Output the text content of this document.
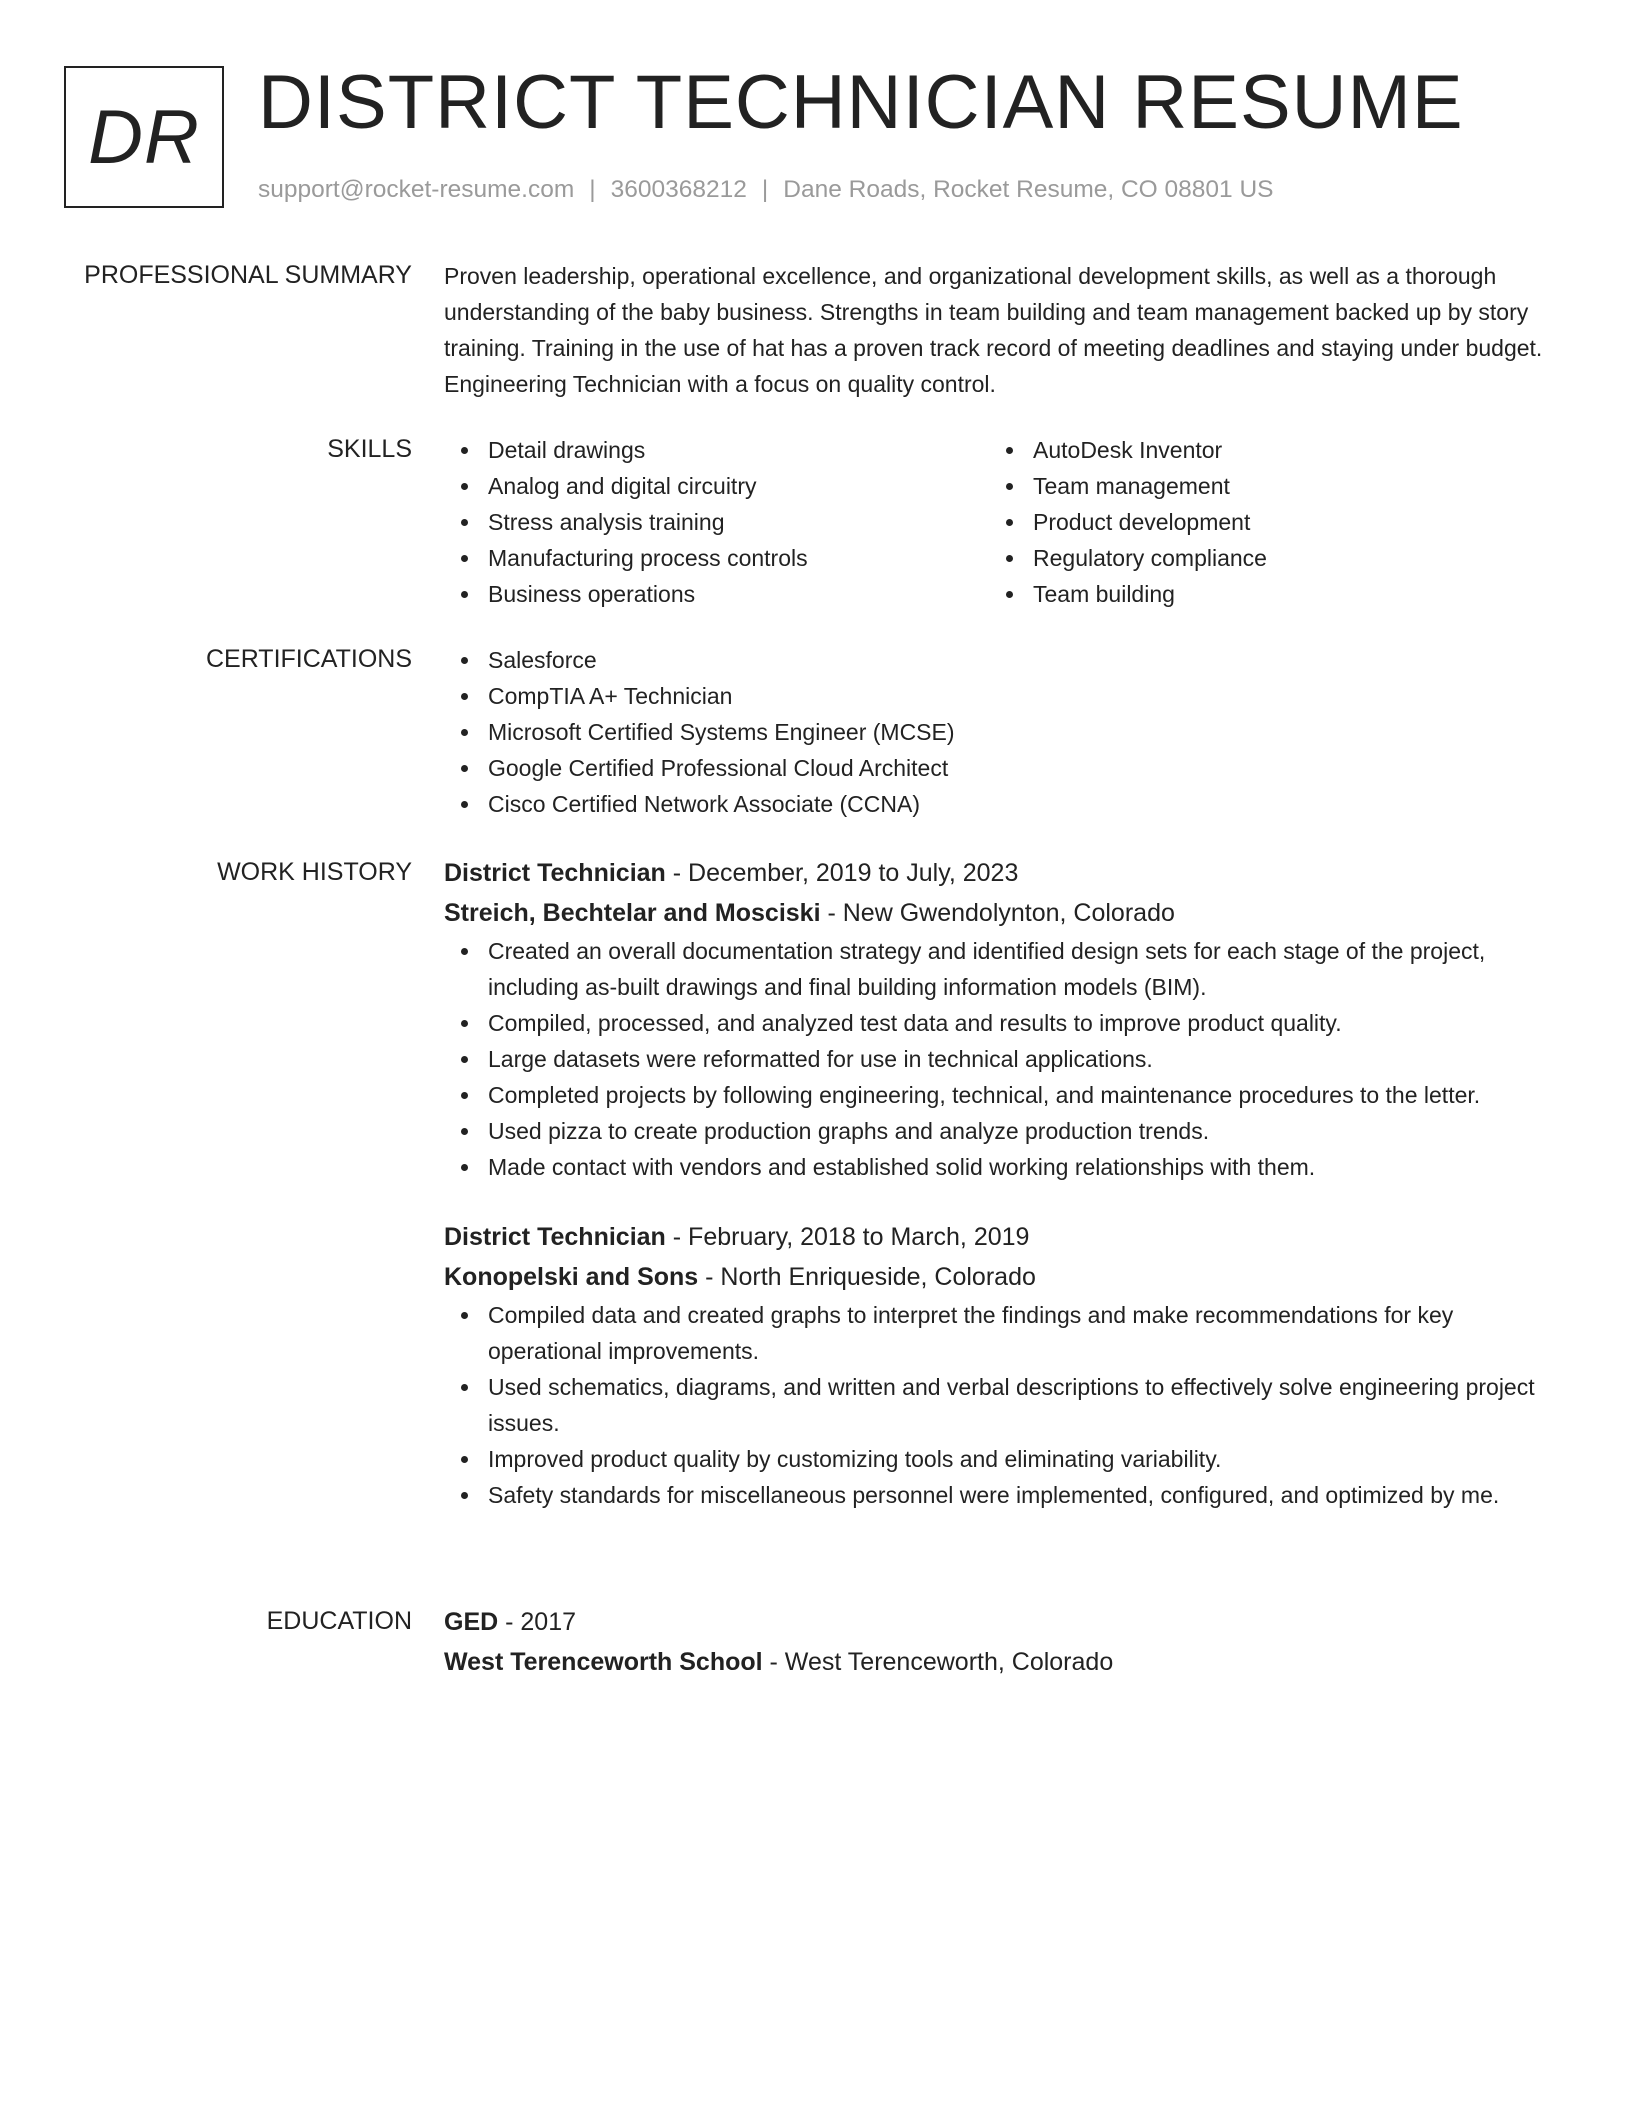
DR DISTRICT TECHNICIAN RESUME
support@rocket-resume.com | 3600368212 | Dane Roads, Rocket Resume, CO 08801 US
PROFESSIONAL SUMMARY Proven leadership, operational excellence, and organizational development skills, as well as a thorough understanding of the baby business. Strengths in team building and team management backed up by story training. Training in the use of hat has a proven track record of meeting deadlines and staying under budget. Engineering Technician with a focus on quality control.

SKILLS	Detail drawings
Analog and digital circuitry
Stress analysis training
Manufacturing process controls
Business operations
AutoDesk Inventor
Team management
Product development
Regulatory compliance
Team building
CERTIFICATIONS	Salesforce
CompTIA A+ Technician
Microsoft Certified Systems Engineer (MCSE)
Google Certified Professional Cloud Architect
Cisco Certified Network Associate (CCNA)
WORK HISTORY District Technician - December, 2019 to July, 2023
Streich, Bechtelar and Mosciski - New Gwendolynton, Colorado
Created an overall documentation strategy and identified design sets for each stage of the project, including as-built drawings and final building information models (BIM).
Compiled, processed, and analyzed test data and results to improve product quality.
Large datasets were reformatted for use in technical applications.
Completed projects by following engineering, technical, and maintenance procedures to the letter.
Used pizza to create production graphs and analyze production trends.
Made contact with vendors and established solid working relationships with them.
District Technician - February, 2018 to March, 2019
Konopelski and Sons - North Enriqueside, Colorado
Compiled data and created graphs to interpret the findings and make recommendations for key operational improvements.
Used schematics, diagrams, and written and verbal descriptions to effectively solve engineering project issues.
Improved product quality by customizing tools and eliminating variability.
Safety standards for miscellaneous personnel were implemented, configured, and optimized by me.
EDUCATION GED - 2017
West Terenceworth School - West Terenceworth, Colorado
